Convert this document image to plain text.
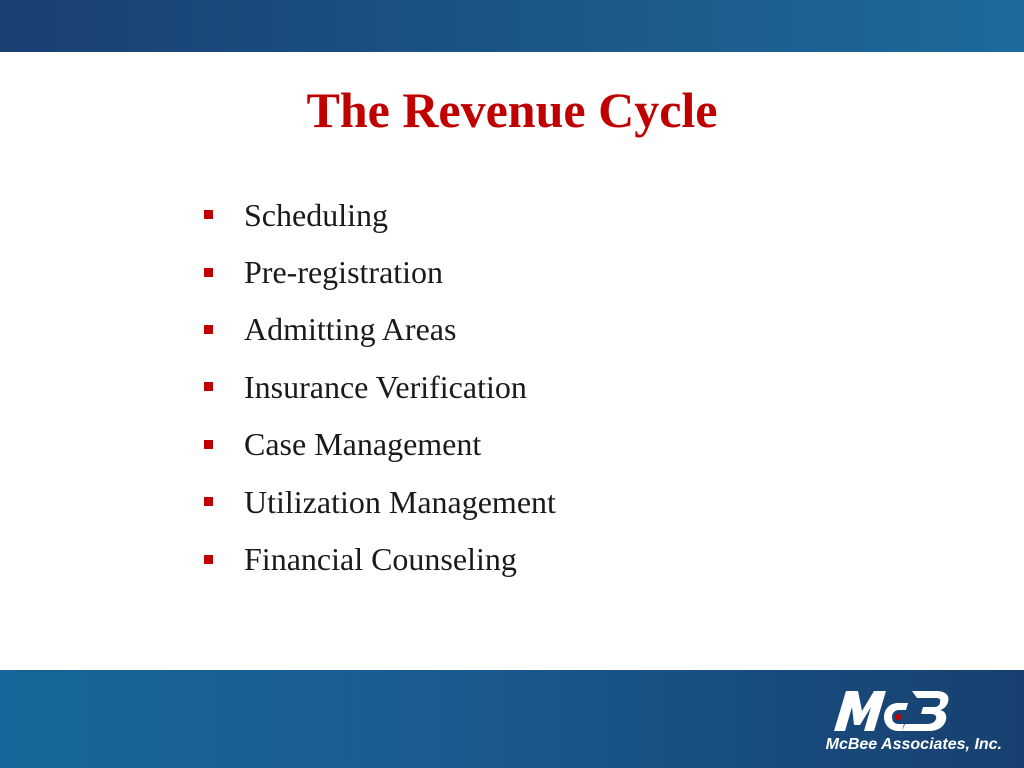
The Revenue Cycle
Scheduling
Pre-registration
Admitting Areas
Insurance Verification
Case Management
Utilization Management
Financial Counseling
McBee Associates, Inc.
